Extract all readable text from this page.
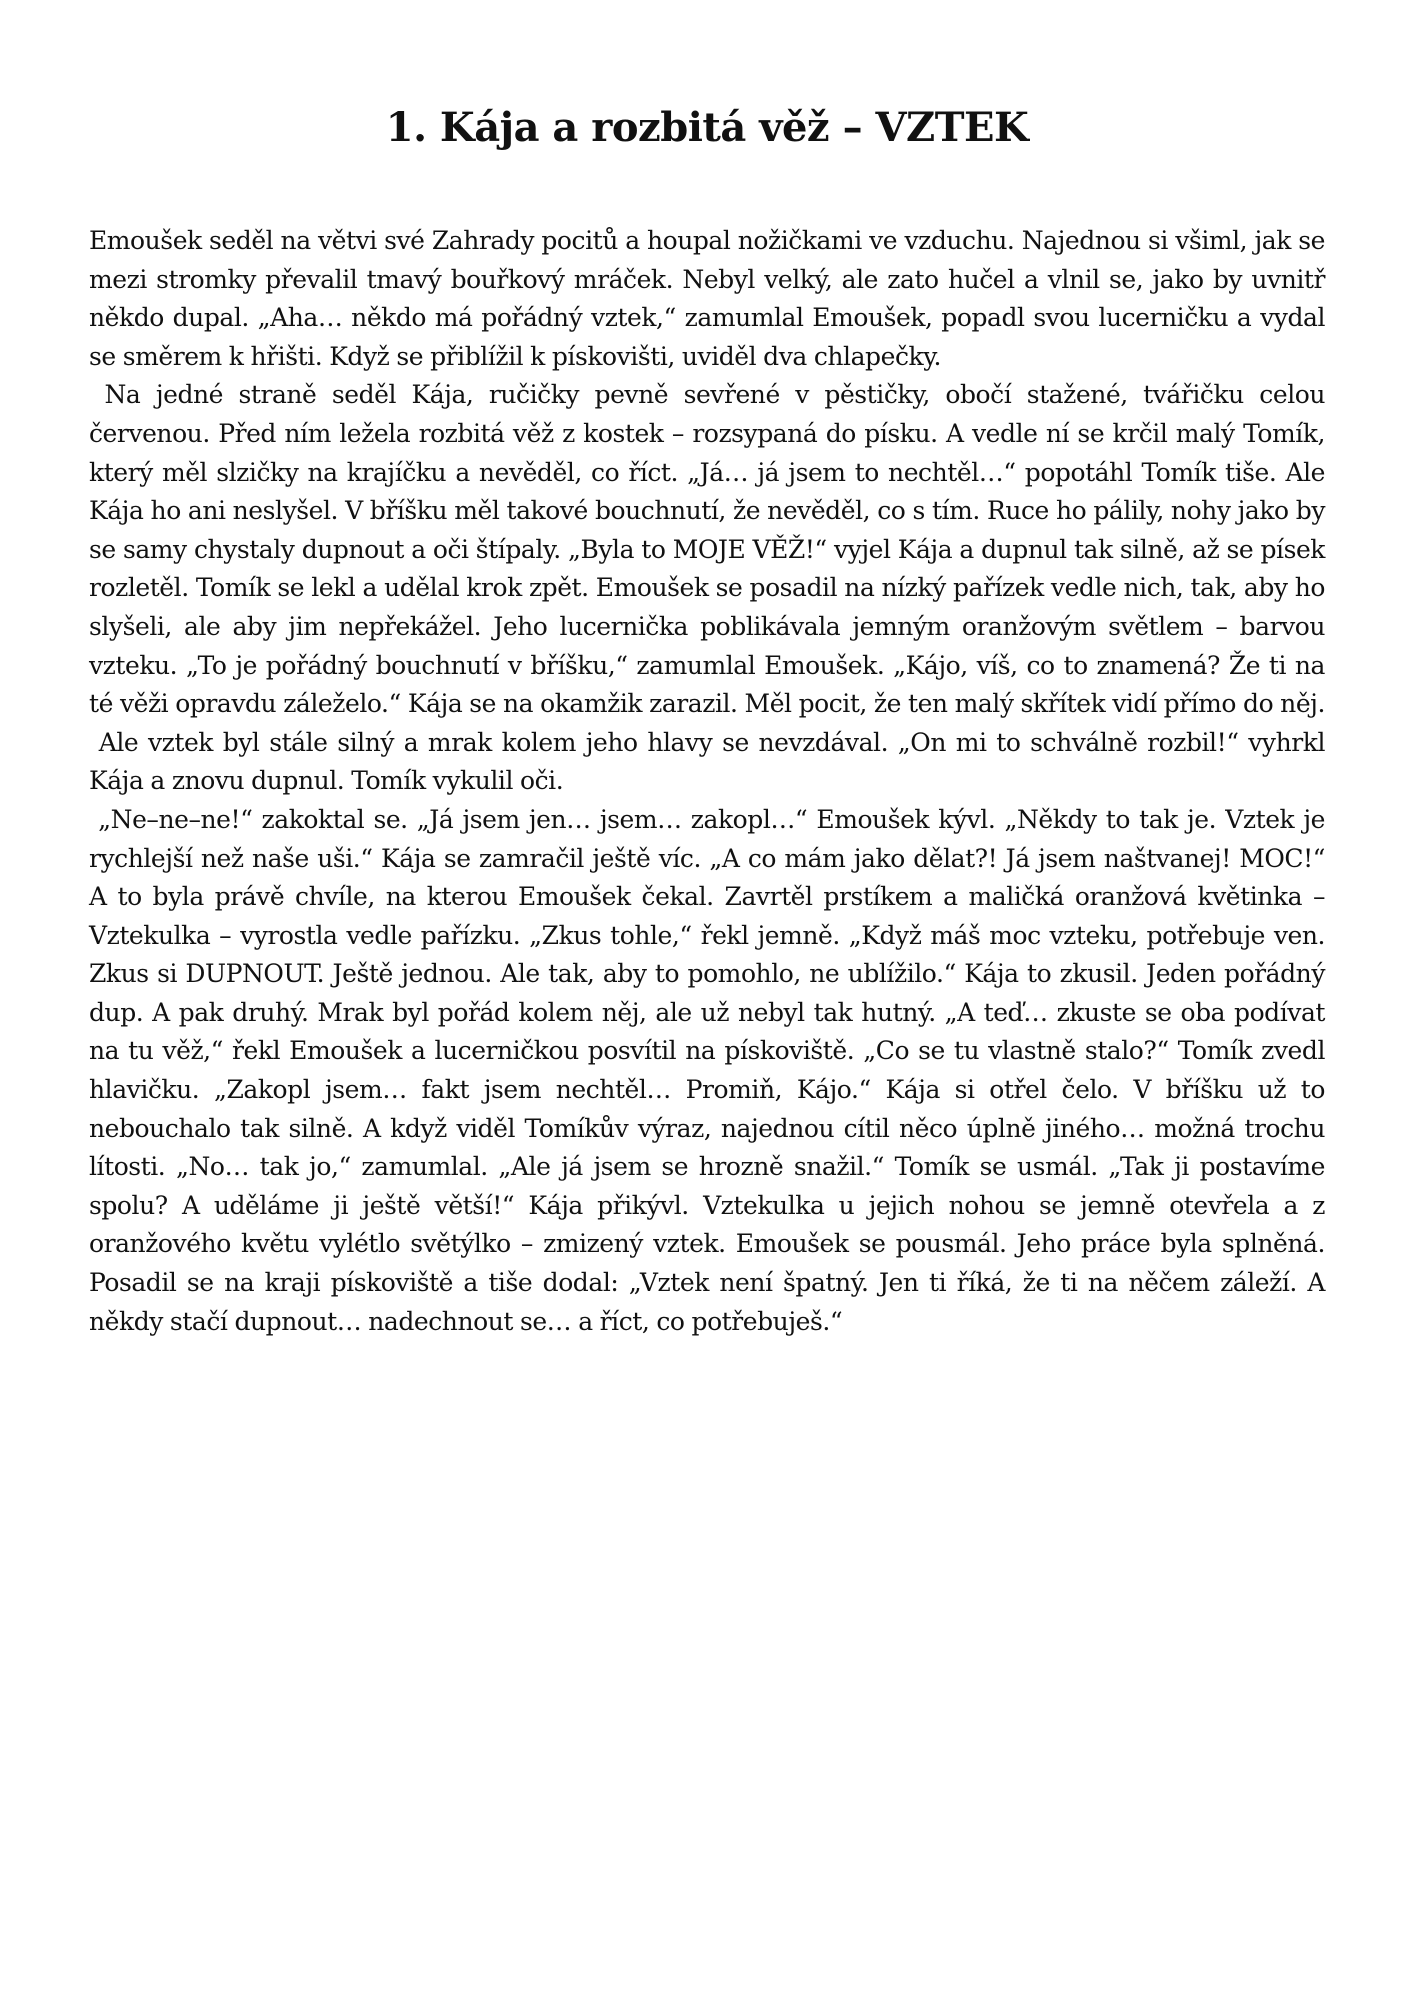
1. Kája a rozbitá věž – VZTEK

Emoušek seděl na větvi své Zahrady pocitů a houpal nožičkami ve vzduchu. Najednou si všiml, jak se mezi stromky převalil tmavý bouřkový mráček. Nebyl velký, ale zato hučel a vlnil se, jako by uvnitř někdo dupal. „Aha… někdo má pořádný vztek,“ zamumlal Emoušek, popadl svou lucerničku a vydal se směrem k hřišti. Když se přiblížil k pískovišti, uviděl dva chlapečky.

Na jedné straně seděl Kája, ručičky pevně sevřené v pěstičky, obočí stažené, tvářičku celou červenou. Před ním ležela rozbitá věž z kostek – rozsypaná do písku. A vedle ní se krčil malý Tomík, který měl slzičky na krajíčku a nevěděl, co říct. „Já… já jsem to nechtěl…“ popotáhl Tomík tiše. Ale Kája ho ani neslyšel. V bříšku měl takové bouchnutí, že nevěděl, co s tím. Ruce ho pálily, nohy jako by se samy chystaly dupnout a oči štípaly. „Byla to MOJE VĚŽ!“ vyjel Kája a dupnul tak silně, až se písek rozletěl. Tomík se lekl a udělal krok zpět. Emoušek se posadil na nízký pařízek vedle nich, tak, aby ho slyšeli, ale aby jim nepřekážel. Jeho lucernička poblikávala jemným oranžovým světlem – barvou vzteku. „To je pořádný bouchnutí v bříšku,“ zamumlal Emoušek. „Kájo, víš, co to znamená? Že ti na té věži opravdu záleželo.“ Kája se na okamžik zarazil. Měl pocit, že ten malý skřítek vidí přímo do něj.

Ale vztek byl stále silný a mrak kolem jeho hlavy se nevzdával. „On mi to schválně rozbil!“ vyhrkl Kája a znovu dupnul. Tomík vykulil oči.

„Ne–ne–ne!“ zakoktal se. „Já jsem jen… jsem… zakopl…“ Emoušek kývl. „Někdy to tak je. Vztek je rychlejší než naše uši.“ Kája se zamračil ještě víc. „A co mám jako dělat?! Já jsem naštvanej! MOC!“ A to byla právě chvíle, na kterou Emoušek čekal. Zavrtěl prstíkem a maličká oranžová květinka – Vztekulka – vyrostla vedle pařízku. „Zkus tohle,“ řekl jemně. „Když máš moc vzteku, potřebuje ven. Zkus si DUPNOUT. Ještě jednou. Ale tak, aby to pomohlo, ne ublížilo.“ Kája to zkusil. Jeden pořádný dup. A pak druhý. Mrak byl pořád kolem něj, ale už nebyl tak hutný. „A teď… zkuste se oba podívat na tu věž,“ řekl Emoušek a lucerničkou posvítil na pískoviště. „Co se tu vlastně stalo?“ Tomík zvedl hlavičku. „Zakopl jsem… fakt jsem nechtěl… Promiň, Kájo.“ Kája si otřel čelo. V bříšku už to nebouchalo tak silně. A když viděl Tomíkův výraz, najednou cítil něco úplně jiného… možná trochu lítosti. „No… tak jo,“ zamumlal. „Ale já jsem se hrozně snažil.“ Tomík se usmál. „Tak ji postavíme spolu? A uděláme ji ještě větší!“ Kája přikývl. Vztekulka u jejich nohou se jemně otevřela a z oranžového květu vylétlo světýlko – zmizený vztek. Emoušek se pousmál. Jeho práce byla splněná. Posadil se na kraji pískoviště a tiše dodal: „Vztek není špatný. Jen ti říká, že ti na něčem záleží. A někdy stačí dupnout… nadechnout se… a říct, co potřebuješ.“
